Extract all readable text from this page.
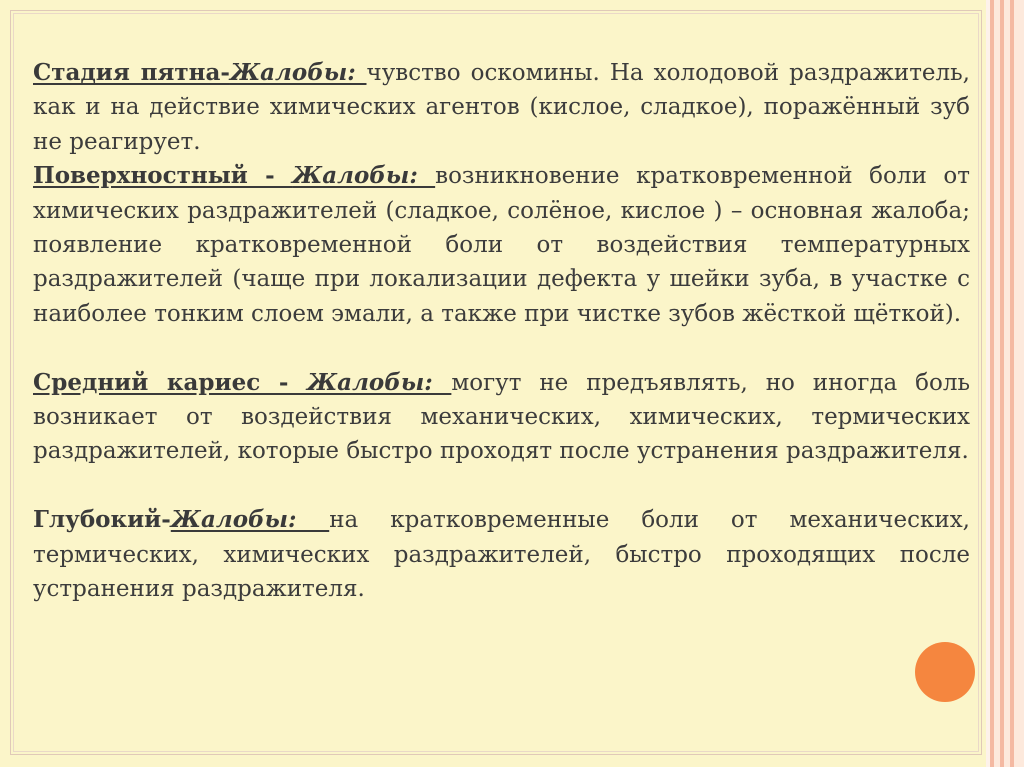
Стадия пятна-Жалобы: чувство оскомины. На холодовой раздражитель, как и на действие химических агентов (кислое, сладкое), поражённый зуб не реагирует.

Поверхностный - Жалобы: возникновение кратковременной боли от химических раздражителей (сладкое, солёное, кислое ) – основная жалоба; появление кратковременной боли от воздействия температурных раздражителей (чаще при локализации дефекта у шейки зуба, в участке с наиболее тонким слоем эмали, а также при чистке зубов жёсткой щёткой).

Средний кариес - Жалобы: могут не предъявлять, но иногда боль возникает от воздействия механических, химических, термических раздражителей, которые быстро проходят после устранения раздражителя.

Глубокий-Жалобы: на кратковременные боли от механических, термических, химических раздражителей, быстро проходящих после устранения раздражителя.
